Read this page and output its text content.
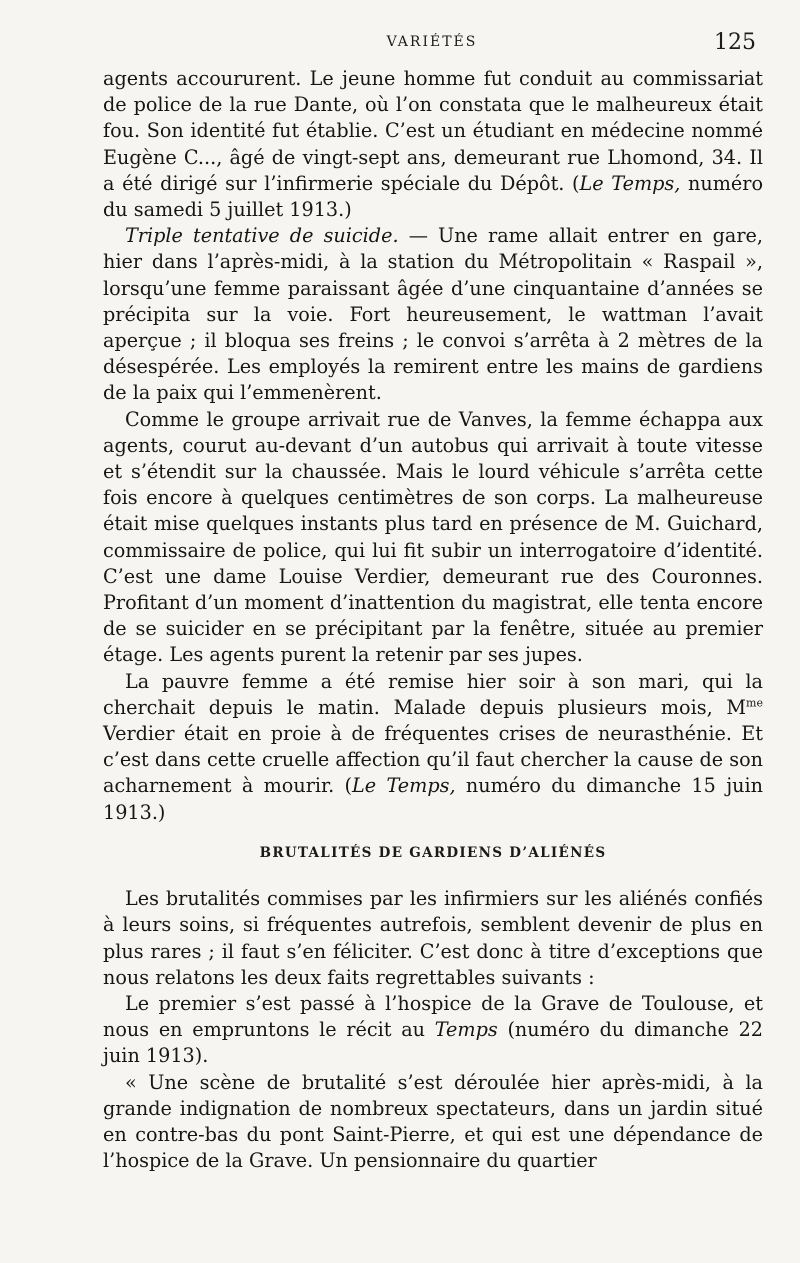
VARIÉTÉS	125

agents accoururent. Le jeune homme fut conduit au commissariat de police de la rue Dante, où l’on constata que le malheureux était fou. Son identité fut établie. C’est un étudiant en médecine nommé Eugène C..., âgé de vingt-sept ans, demeurant rue Lhomond, 34. Il a été dirigé sur l’infirmerie spéciale du Dépôt. (Le Temps, numéro du samedi 5 juillet 1913.)

Triple tentative de suicide. — Une rame allait entrer en gare, hier dans l’après-midi, à la station du Métropolitain « Raspail », lorsqu’une femme paraissant âgée d’une cinquantaine d’années se précipita sur la voie. Fort heureusement, le wattman l’avait aperçue ; il bloqua ses freins ; le convoi s’arrêta à 2 mètres de la désespérée. Les employés la remirent entre les mains de gardiens de la paix qui l’emmenèrent.

Comme le groupe arrivait rue de Vanves, la femme échappa aux agents, courut au-devant d’un autobus qui arrivait à toute vitesse et s’étendit sur la chaussée. Mais le lourd véhicule s’arrêta cette fois encore à quelques centimètres de son corps. La malheureuse était mise quelques instants plus tard en présence de M. Guichard, commissaire de police, qui lui fit subir un interrogatoire d’identité. C’est une dame Louise Verdier, demeurant rue des Couronnes. Profitant d’un moment d’inattention du magistrat, elle tenta encore de se suicider en se précipitant par la fenêtre, située au premier étage. Les agents purent la retenir par ses jupes.

La pauvre femme a été remise hier soir à son mari, qui la cherchait depuis le matin. Malade depuis plusieurs mois, $M^{me}$ Verdier était en proie à de fréquentes crises de neurasthénie. Et c’est dans cette cruelle affection qu’il faut chercher la cause de son acharnement à mourir. (Le Temps, numéro du dimanche 15 juin 1913.)

BRUTALITÉS DE GARDIENS D’ALIÉNÉS

Les brutalités commises par les infirmiers sur les aliénés confiés à leurs soins, si fréquentes autrefois, semblent devenir de plus en plus rares ; il faut s’en féliciter. C’est donc à titre d’exceptions que nous relatons les deux faits regrettables suivants :

Le premier s’est passé à l’hospice de la Grave de Toulouse, et nous en empruntons le récit au Temps (numéro du dimanche 22 juin 1913).

« Une scène de brutalité s’est déroulée hier après-midi, à la grande indignation de nombreux spectateurs, dans un jardin situé en contre-bas du pont Saint-Pierre, et qui est une dépendance de l’hospice de la Grave. Un pensionnaire du quartier
